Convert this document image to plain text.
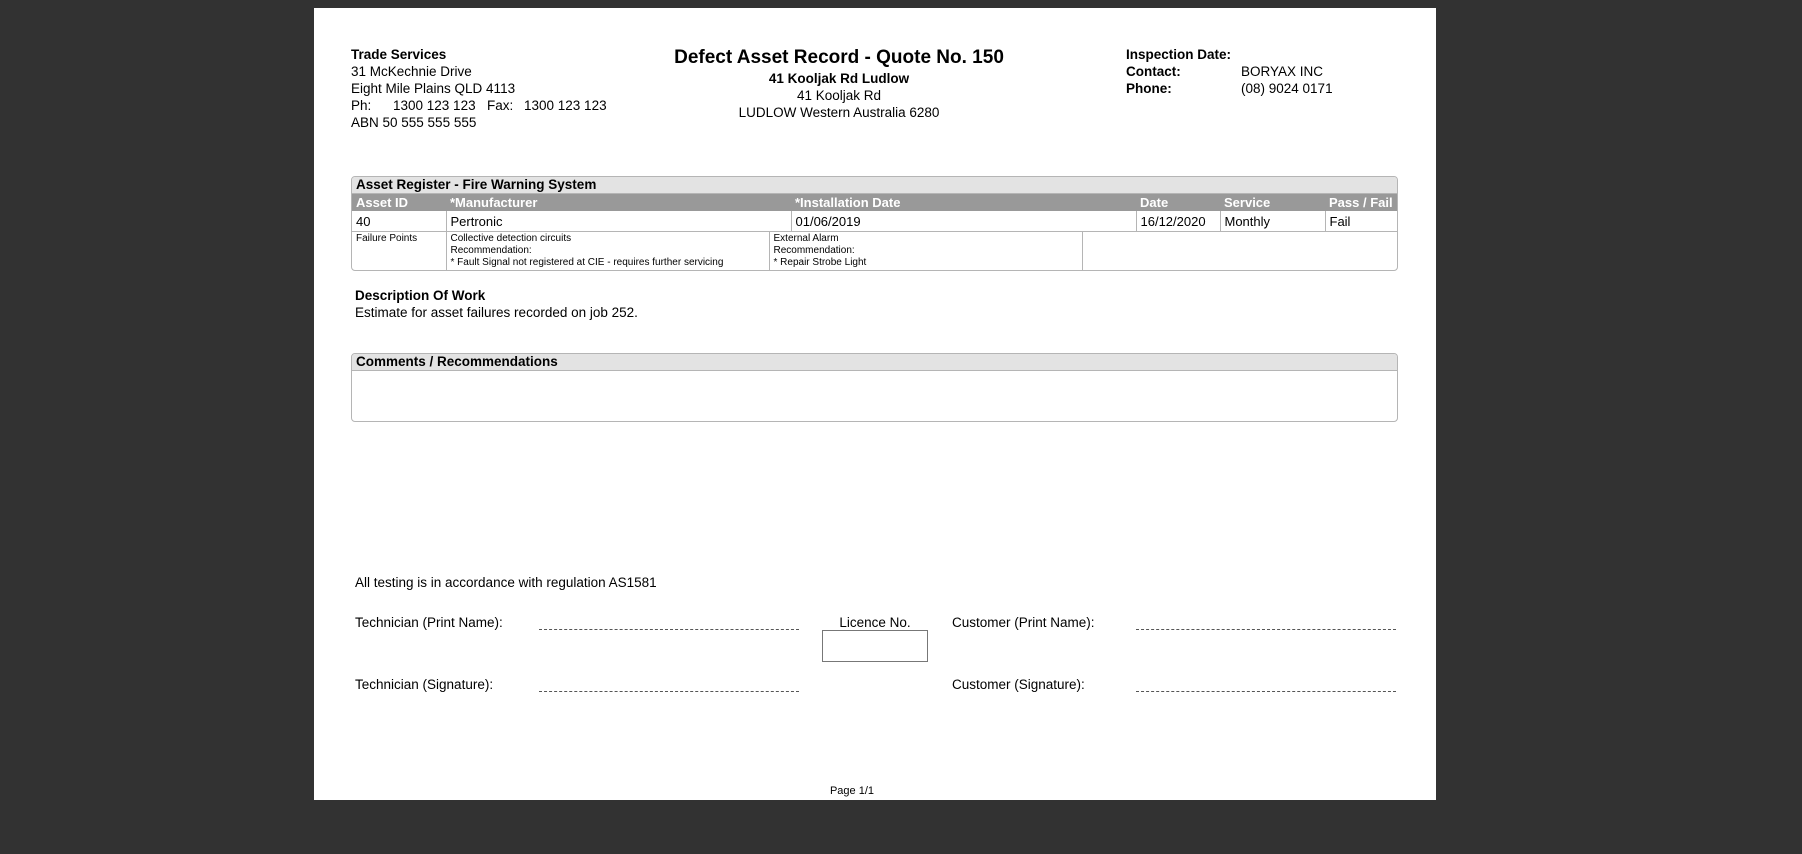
Trade Services
31 McKechnie Drive
Eight Mile Plains QLD 4113
Ph: 1300 123 123 Fax: 1300 123 123
ABN 50 555 555 555
Defect Asset Record - Quote No. 150
41 Kooljak Rd Ludlow
41 Kooljak Rd
LUDLOW Western Australia 6280
Inspection Date:
Contact:	BORYAX INC
Phone:	(08) 9024 0171
Asset Register - Fire Warning System
Asset ID	*Manufacturer	*Installation Date	Date	Service	Pass / Fail
40	Pertronic	01/06/2019	16/12/2020	Monthly	Fail
Failure Points	Collective detection circuits
Recommendation:
* Fault Signal not registered at CIE - requires further servicing

External Alarm
Recommendation:
* Repair Strobe Light

Description Of Work
Estimate for asset failures recorded on job 252.
Comments / Recommendations
All testing is in accordance with regulation AS1581
Technician (Print Name):
Technician (Signature):
Licence No.	Customer (Print Name):
Customer (Signature):
Page 1/1
